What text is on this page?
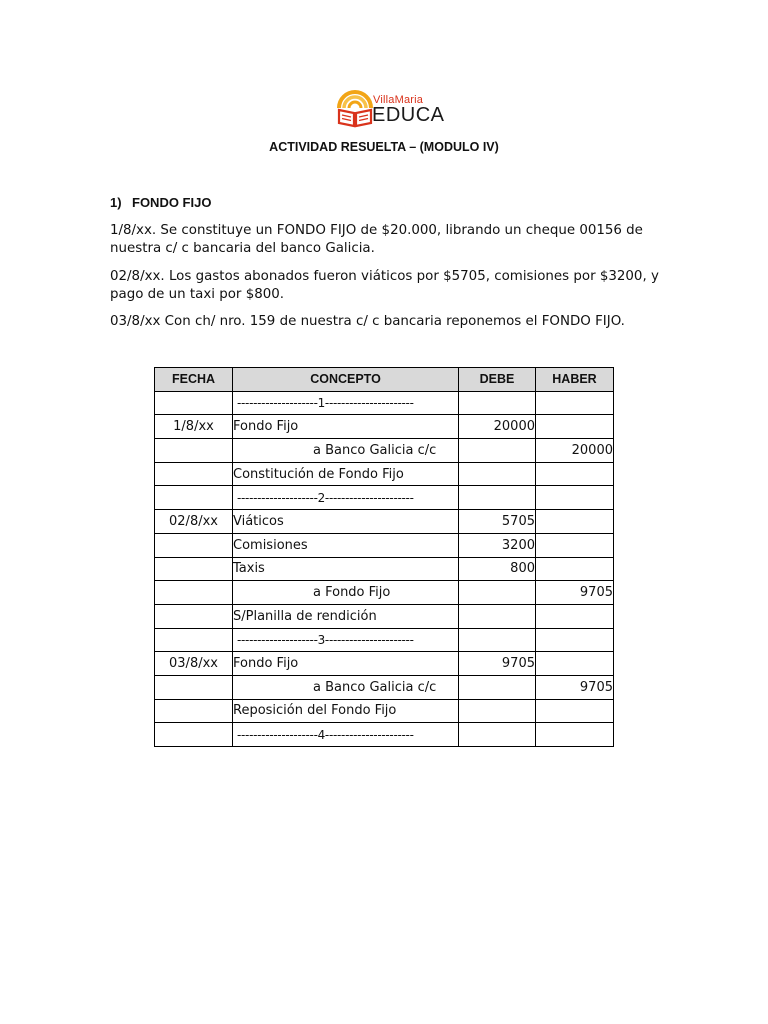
VillaMaria
EDUCA
ACTIVIDAD RESUELTA – (MODULO IV)
1) FONDO FIJO
1/8/xx. Se constituye un FONDO FIJO de $20.000, librando un cheque 00156 de nuestra c/ c bancaria del banco Galicia.
02/8/xx. Los gastos abonados fueron viáticos por $5705, comisiones por $3200, y pago de un taxi por $800.
03/8/xx Con ch/ nro. 159 de nuestra c/ c bancaria reponemos el FONDO FIJO.
FECHA	CONCEPTO	DEBE	HABER
	--------------------1----------------------		
1/8/xx	Fondo Fijo	20000	
	a Banco Galicia c/c		20000
	Constitución de Fondo Fijo		
	--------------------2----------------------		
02/8/xx	Viáticos	5705	
	Comisiones	3200	
	Taxis	800	
	a Fondo Fijo		9705
	S/Planilla de rendición		
	--------------------3----------------------		
03/8/xx	Fondo Fijo	9705	
	a Banco Galicia c/c		9705
	Reposición del Fondo Fijo		
	--------------------4----------------------		
